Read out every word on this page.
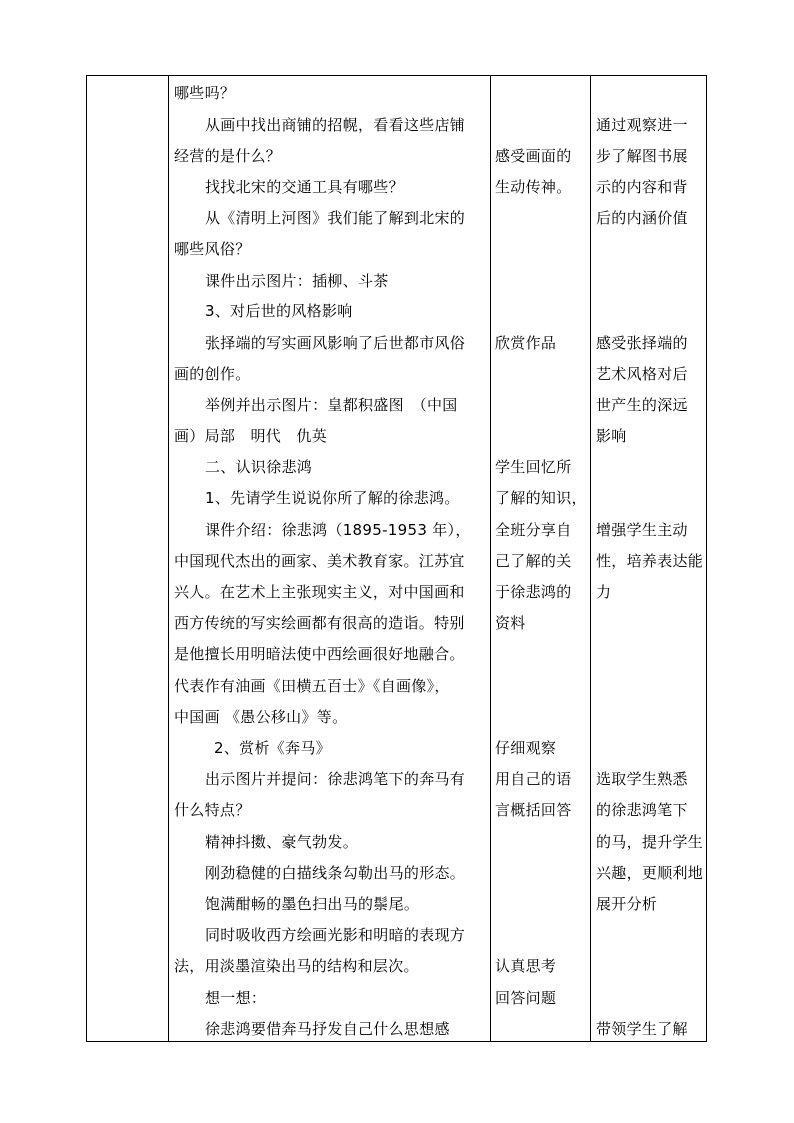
哪些吗？
从画中找出商铺的招幌，看看这些店铺
经营的是什么？
找找北宋的交通工具有哪些？
从《清明上河图》我们能了解到北宋的
哪些风俗？
课件出示图片：插柳、斗茶
3、对后世的风格影响
张择端的写实画风影响了后世都市风俗
画的创作。
举例并出示图片：皇都积盛图　（中国
画）局部　明代　仇英
二、认识徐悲鸿
1、先请学生说说你所了解的徐悲鸿。
课件介绍：徐悲鸿（1895-1953 年），
中国现代杰出的画家、美术教育家。江苏宜
兴人。在艺术上主张现实主义，对中国画和
西方传统的写实绘画都有很高的造诣。特别
是他擅长用明暗法使中西绘画很好地融合。
代表作有油画《田横五百士》《自画像》，
中国画 《愚公移山》等。
2、赏析《奔马》
出示图片并提问：徐悲鸿笔下的奔马有
什么特点？
精神抖擞、豪气勃发。
刚劲稳健的白描线条勾勒出马的形态。
饱满酣畅的墨色扫出马的鬃尾。
同时吸收西方绘画光影和明暗的表现方
法，用淡墨渲染出马的结构和层次。
想一想：
徐悲鸿要借奔马抒发自己什么思想感
感受画面的
生动传神。
欣赏作品
学生回忆所
了解的知识，
全班分享自
己了解的关
于徐悲鸿的
资料
仔细观察
用自己的语
言概括回答
认真思考
回答问题
通过观察进一
步了解图书展
示的内容和背
后的内涵价值
感受张择端的
艺术风格对后
世产生的深远
影响
增强学生主动
性，培养表达能
力
选取学生熟悉
的徐悲鸿笔下
的马，提升学生
兴趣，更顺利地
展开分析
带领学生了解
